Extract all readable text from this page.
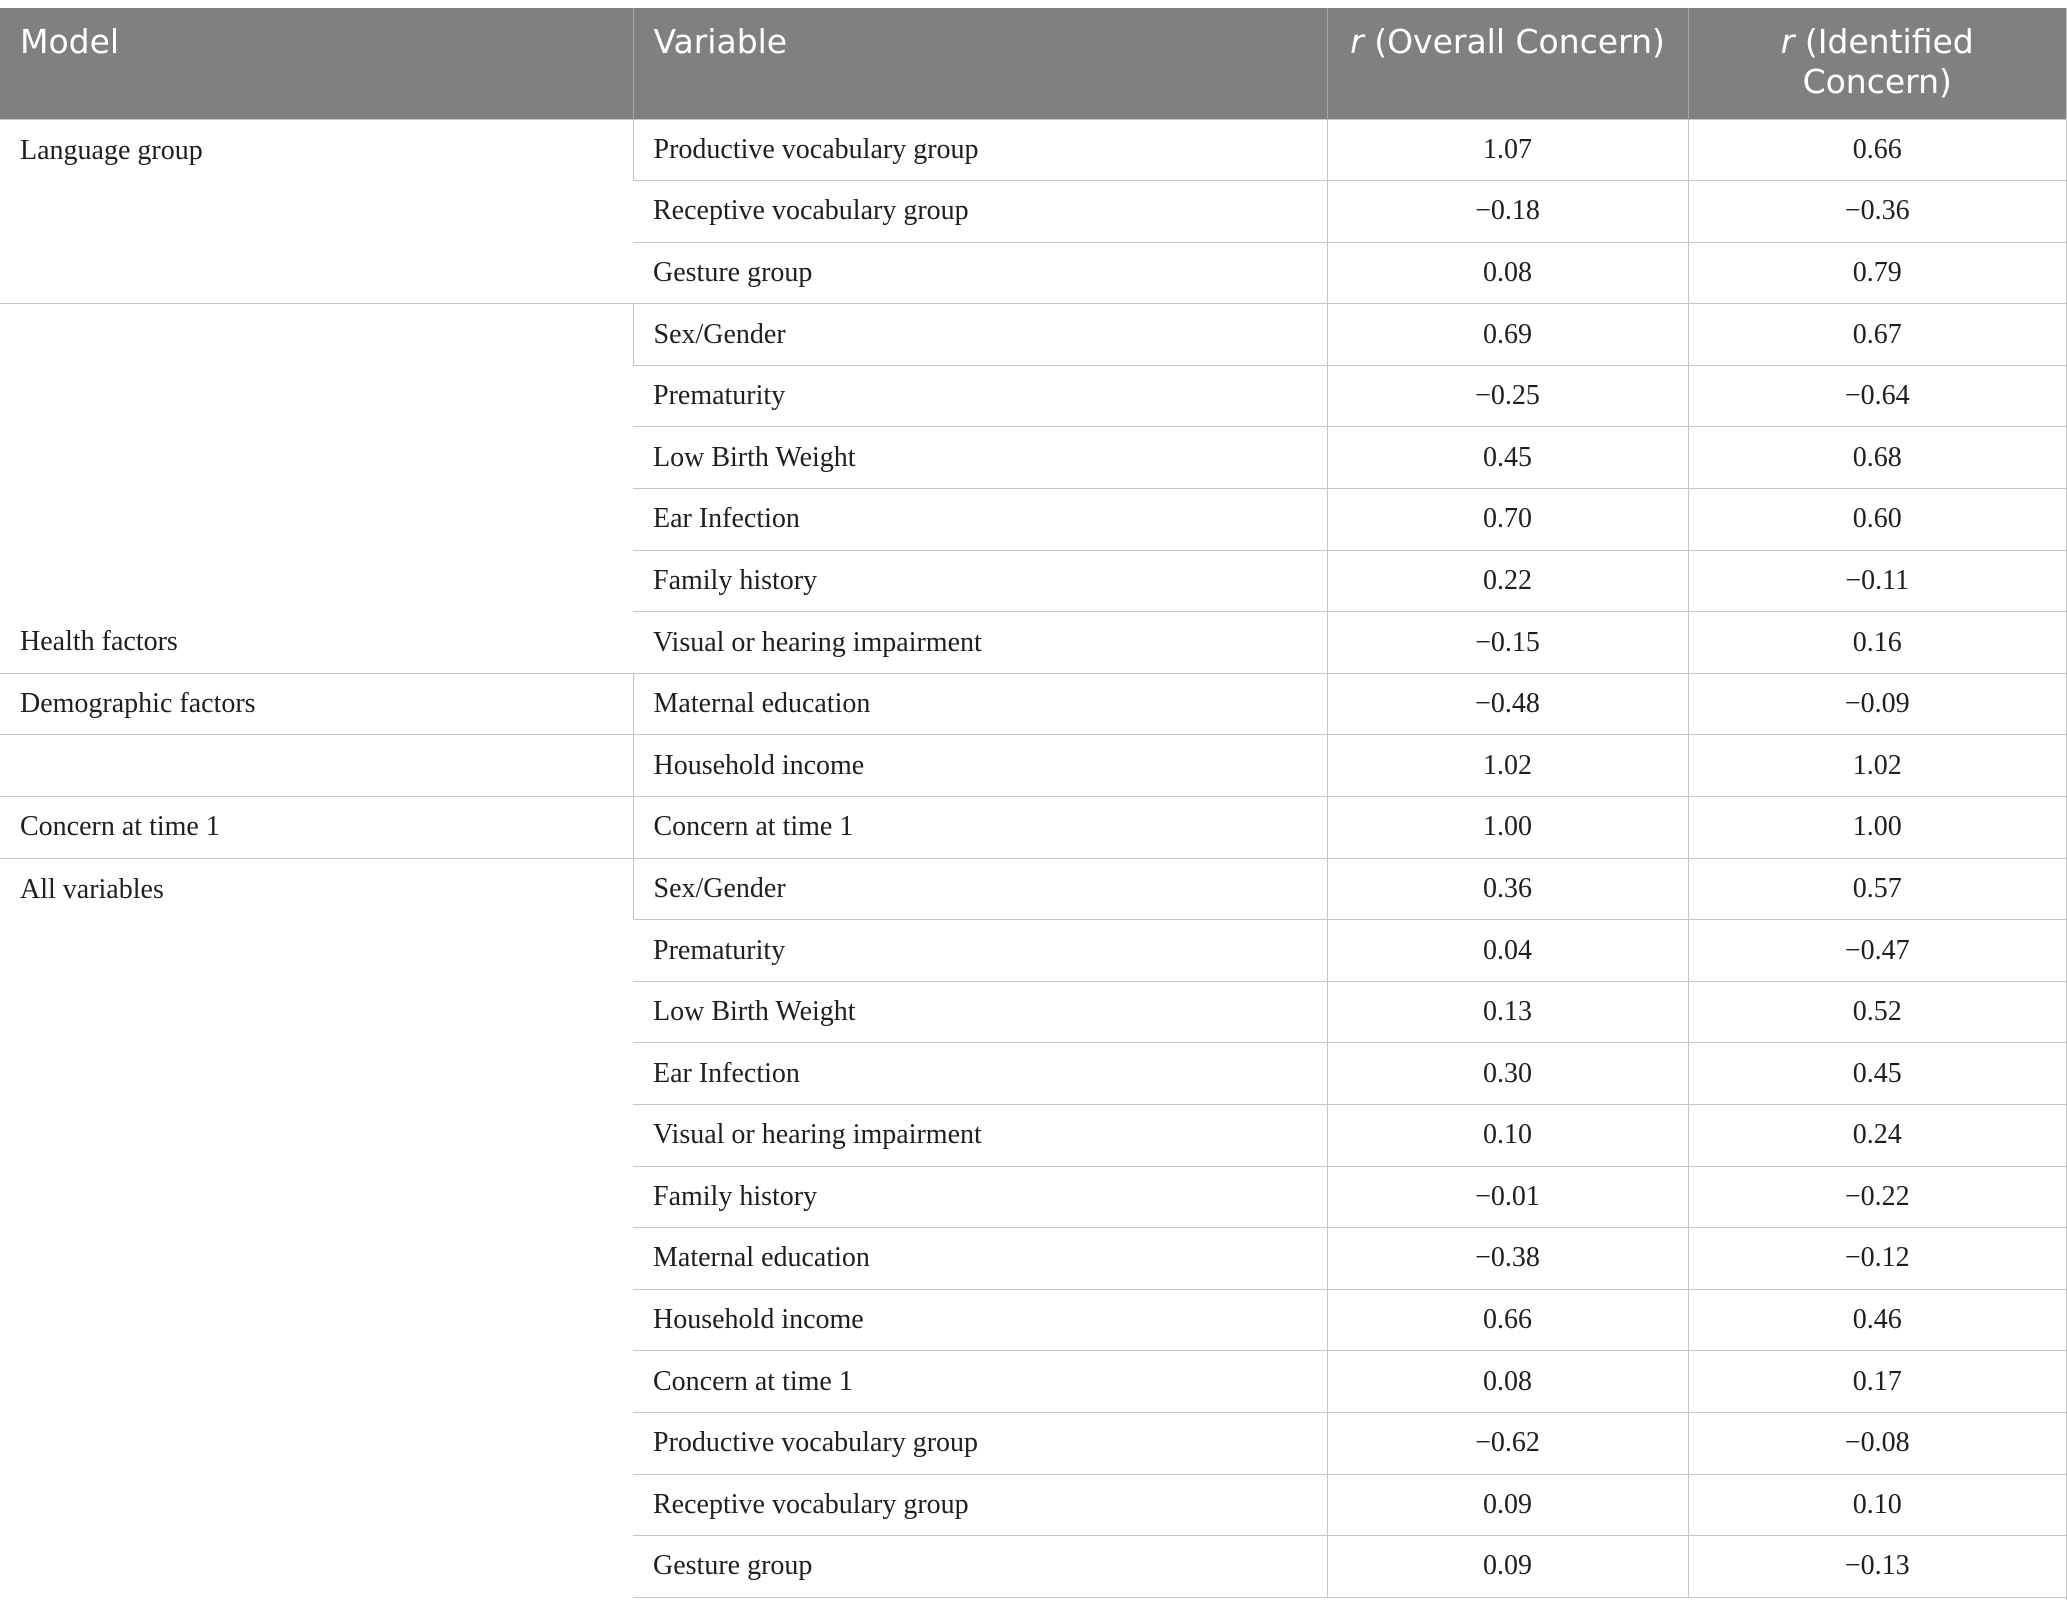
Model	Variable	r (Overall Concern)	r (Identified Concern)
Language group	Productive vocabulary group	1.07	0.66
	Receptive vocabulary group	−0.18	−0.36
	Gesture group	0.08	0.79
Health factors	Sex/Gender	0.69	0.67
	Prematurity	−0.25	−0.64
	Low Birth Weight	0.45	0.68
	Ear Infection	0.70	0.60
	Family history	0.22	−0.11
	Visual or hearing impairment	−0.15	0.16
Demographic factors	Maternal education	−0.48	−0.09
	Household income	1.02	1.02
Concern at time 1	Concern at time 1	1.00	1.00
All variables	Sex/Gender	0.36	0.57
	Prematurity	0.04	−0.47
	Low Birth Weight	0.13	0.52
	Ear Infection	0.30	0.45
	Visual or hearing impairment	0.10	0.24
	Family history	−0.01	−0.22
	Maternal education	−0.38	−0.12
	Household income	0.66	0.46
	Concern at time 1	0.08	0.17
	Productive vocabulary group	−0.62	−0.08
	Receptive vocabulary group	0.09	0.10
	Gesture group	0.09	−0.13
